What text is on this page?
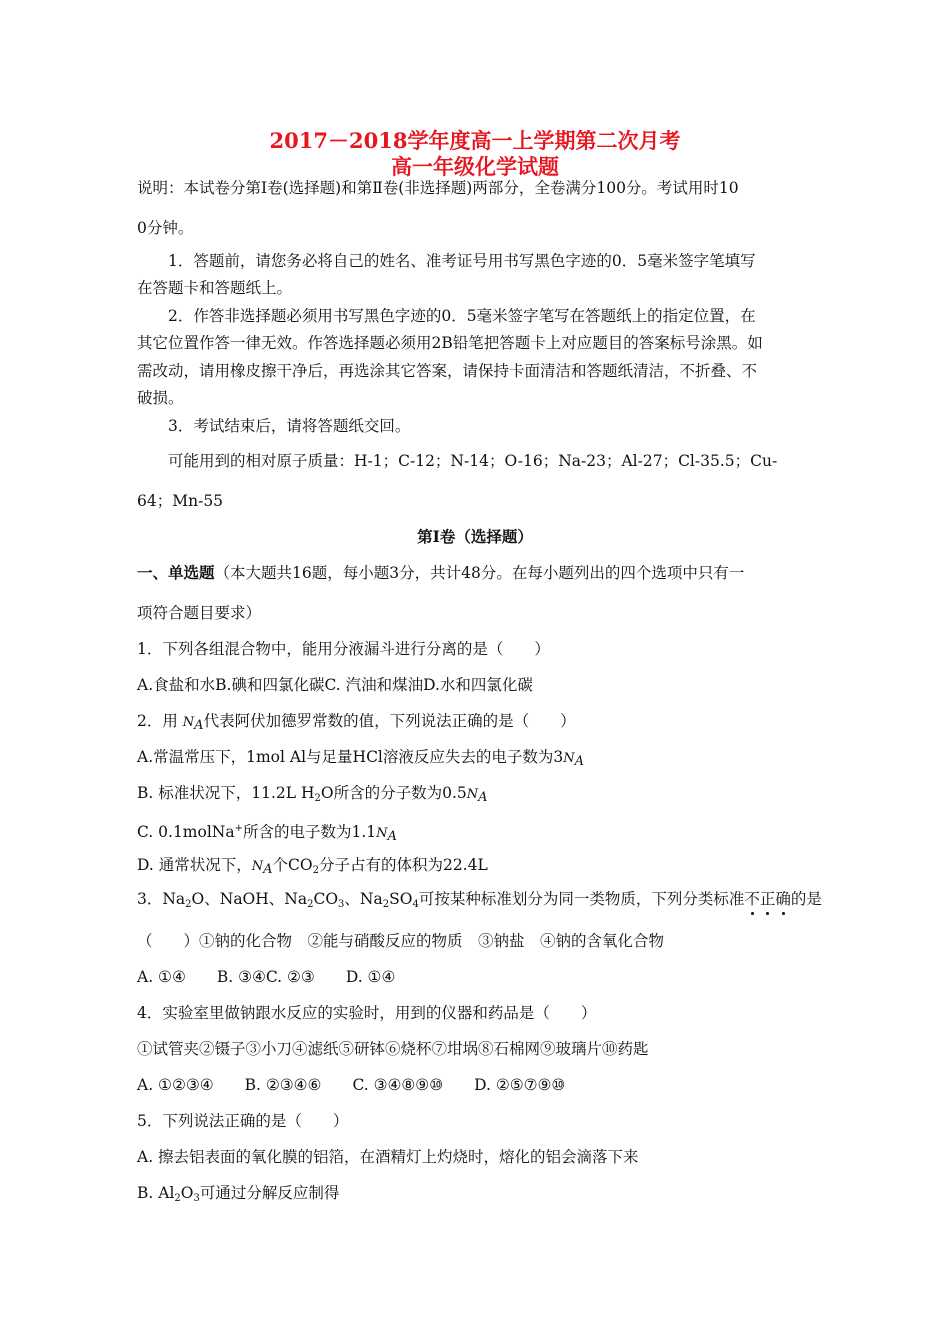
2017－2018学年度高一上学期第二次月考
高一年级化学试题
说明：本试卷分第Ⅰ卷(选择题)和第Ⅱ卷(非选择题)两部分，全卷满分100分。考试用时10
0分钟。
1．答题前，请您务必将自己的姓名、准考证号用书写黑色字迹的0．5毫米签字笔填写
在答题卡和答题纸上。
2．作答非选择题必须用书写黑色字迹的0．5毫米签字笔写在答题纸上的指定位置，在
其它位置作答一律无效。作答选择题必须用2B铅笔把答题卡上对应题目的答案标号涂黑。如
需改动，请用橡皮擦干净后，再选涂其它答案，请保持卡面清洁和答题纸清洁，不折叠、不
破损。
3．考试结束后，请将答题纸交回。
可能用到的相对原子质量：H-1；C-12；N-14；O-16；Na-23；Al-27；Cl-35.5；Cu-
64；Mn-55
第Ⅰ卷（选择题）
一、单选题（本大题共16题，每小题3分，共计48分。在每小题列出的四个选项中只有一
项符合题目要求）
1．下列各组混合物中，能用分液漏斗进行分离的是（　　）
A.食盐和水B.碘和四氯化碳C. 汽油和煤油D.水和四氯化碳
2．用 $N_A$代表阿伏加德罗常数的值，下列说法正确的是（　　）
A.常温常压下，1mol Al与足量HCl溶液反应失去的电子数为$3N_A$
B. 标准状况下，11.2L $H_2O$所含的分子数为$0.5N_A$
C. 0.1molNa+所含的电子数为$1.1N_A$
D. 通常状况下，$N_A$个$CO_2$分子占有的体积为22.4L
3．$Na_2O$、NaOH、$Na_2CO_3$、$Na_2SO_4$可按某种标准划分为同一类物质，下列分类标准不正确的是
（　　）①钠的化合物　②能与硝酸反应的物质　③钠盐　④钠的含氧化合物
A. ①④　　B. ③④C. ②③　　D. ①④
4．实验室里做钠跟水反应的实验时，用到的仪器和药品是（　　）
①试管夹②镊子③小刀④滤纸⑤研钵⑥烧杯⑦坩埚⑧石棉网⑨玻璃片⑩药匙
A. ①②③④　　B. ②③④⑥　　C. ③④⑧⑨⑩　　D. ②⑤⑦⑨⑩
5．下列说法正确的是（　　）
A. 擦去铝表面的氧化膜的铝箔，在酒精灯上灼烧时，熔化的铝会滴落下来
B. $Al_2O_3$可通过分解反应制得
